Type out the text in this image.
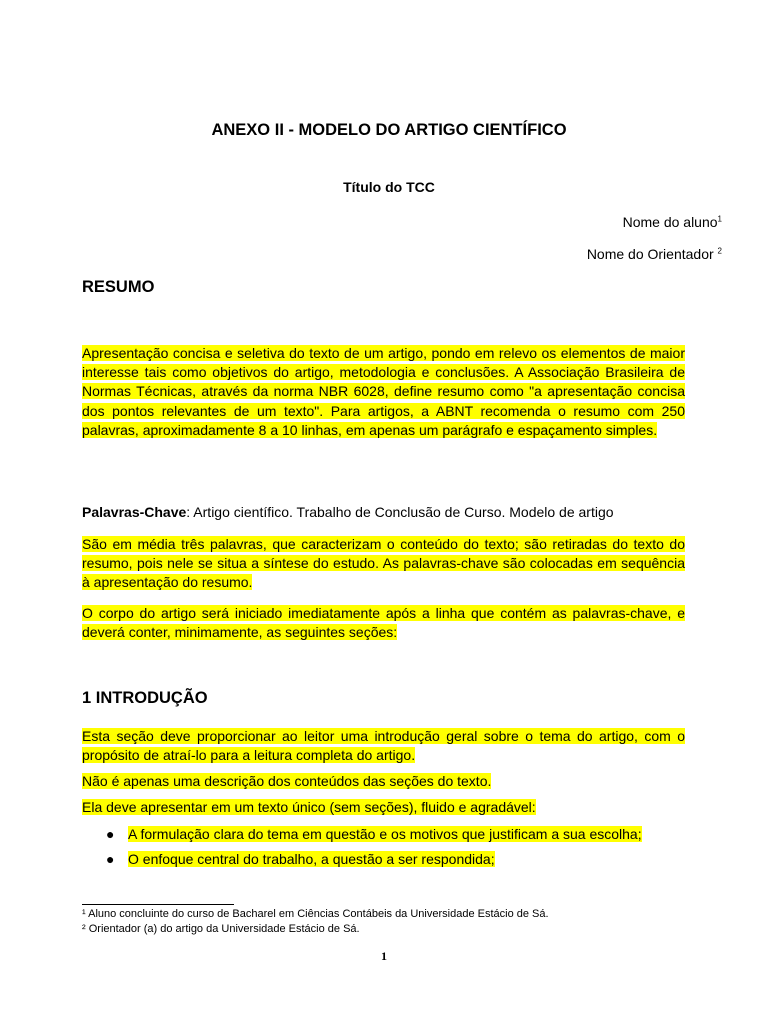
ANEXO II - MODELO DO ARTIGO CIENTÍFICO
Título do TCC
Nome do aluno$^1$
Nome do Orientador $^2$
RESUMO
Apresentação concisa e seletiva do texto de um artigo, pondo em relevo os elementos de maior interesse tais como objetivos do artigo, metodologia e conclusões. A Associação Brasileira de Normas Técnicas, através da norma NBR 6028, define resumo como "a apresentação concisa dos pontos relevantes de um texto". Para artigos, a ABNT recomenda o resumo com 250 palavras, aproximadamente 8 a 10 linhas, em apenas um parágrafo e espaçamento simples.
Palavras-Chave: Artigo científico. Trabalho de Conclusão de Curso. Modelo de artigo
São em média três palavras, que caracterizam o conteúdo do texto; são retiradas do texto do resumo, pois nele se situa a síntese do estudo. As palavras-chave são colocadas em sequência à apresentação do resumo.
O corpo do artigo será iniciado imediatamente após a linha que contém as palavras-chave, e deverá conter, minimamente, as seguintes seções:
1 INTRODUÇÃO
Esta seção deve proporcionar ao leitor uma introdução geral sobre o tema do artigo, com o propósito de atraí-lo para a leitura completa do artigo.
Não é apenas uma descrição dos conteúdos das seções do texto.
Ela deve apresentar em um texto único (sem seções), fluido e agradável:
● A formulação clara do tema em questão e os motivos que justificam a sua escolha;
● O enfoque central do trabalho, a questão a ser respondida;
¹ Aluno concluinte do curso de Bacharel em Ciências Contábeis da Universidade Estácio de Sá.
² Orientador (a) do artigo da Universidade Estácio de Sá.
1
